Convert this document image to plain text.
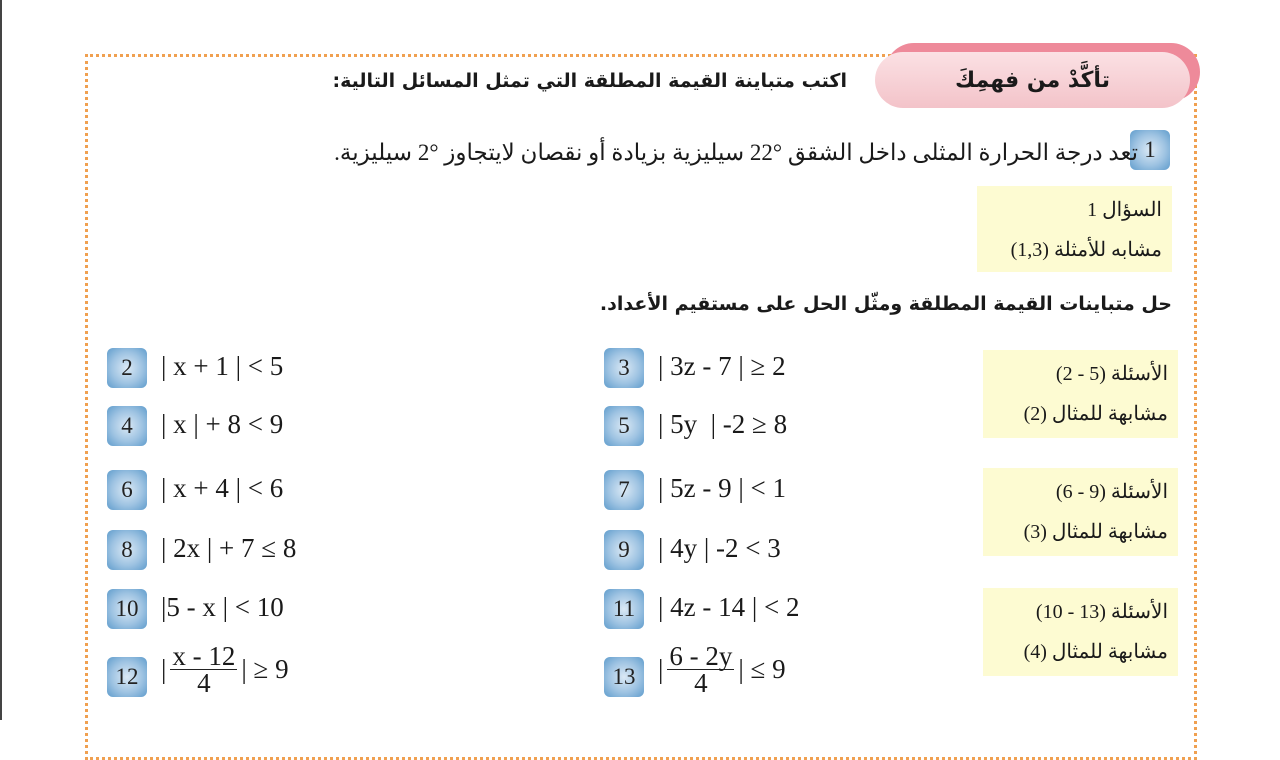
تأكَّدْ من فهمِكَ
اكتب متباينة القيمة المطلقة التي تمثل المسائل التالية:
1
تعد درجة الحرارة المثلى داخل الشقق °22 سيليزية بزيادة أو نقصان لايتجاوز °2 سيليزية.
السؤال 1
مشابه للأمثلة (1,3)
حل متباينات القيمة المطلقة ومثّل الحل على مستقيم الأعداد.
الأسئلة (5 - 2)
مشابهة للمثال (2)
الأسئلة (9 - 6)
مشابهة للمثال (3)
الأسئلة (13 - 10)
مشابهة للمثال (4)
2	| x + 1 | < 5	3	| 3z - 7 | ≥ 2
4	| x | + 8 < 9	5	| 5y  | -2 ≥ 8
6	| x + 4 | < 6	7	| 5z - 9 | < 1
8	| 2x | + 7 ≤ 8	9	| 4y | -2 < 3
10 |5 - x | < 10	11 | 4z - 14 | < 2
12 | $\frac{x - 12}{4}$ | ≥ 9	13 | $\frac{6 - 2y}{4}$ | ≤ 9
